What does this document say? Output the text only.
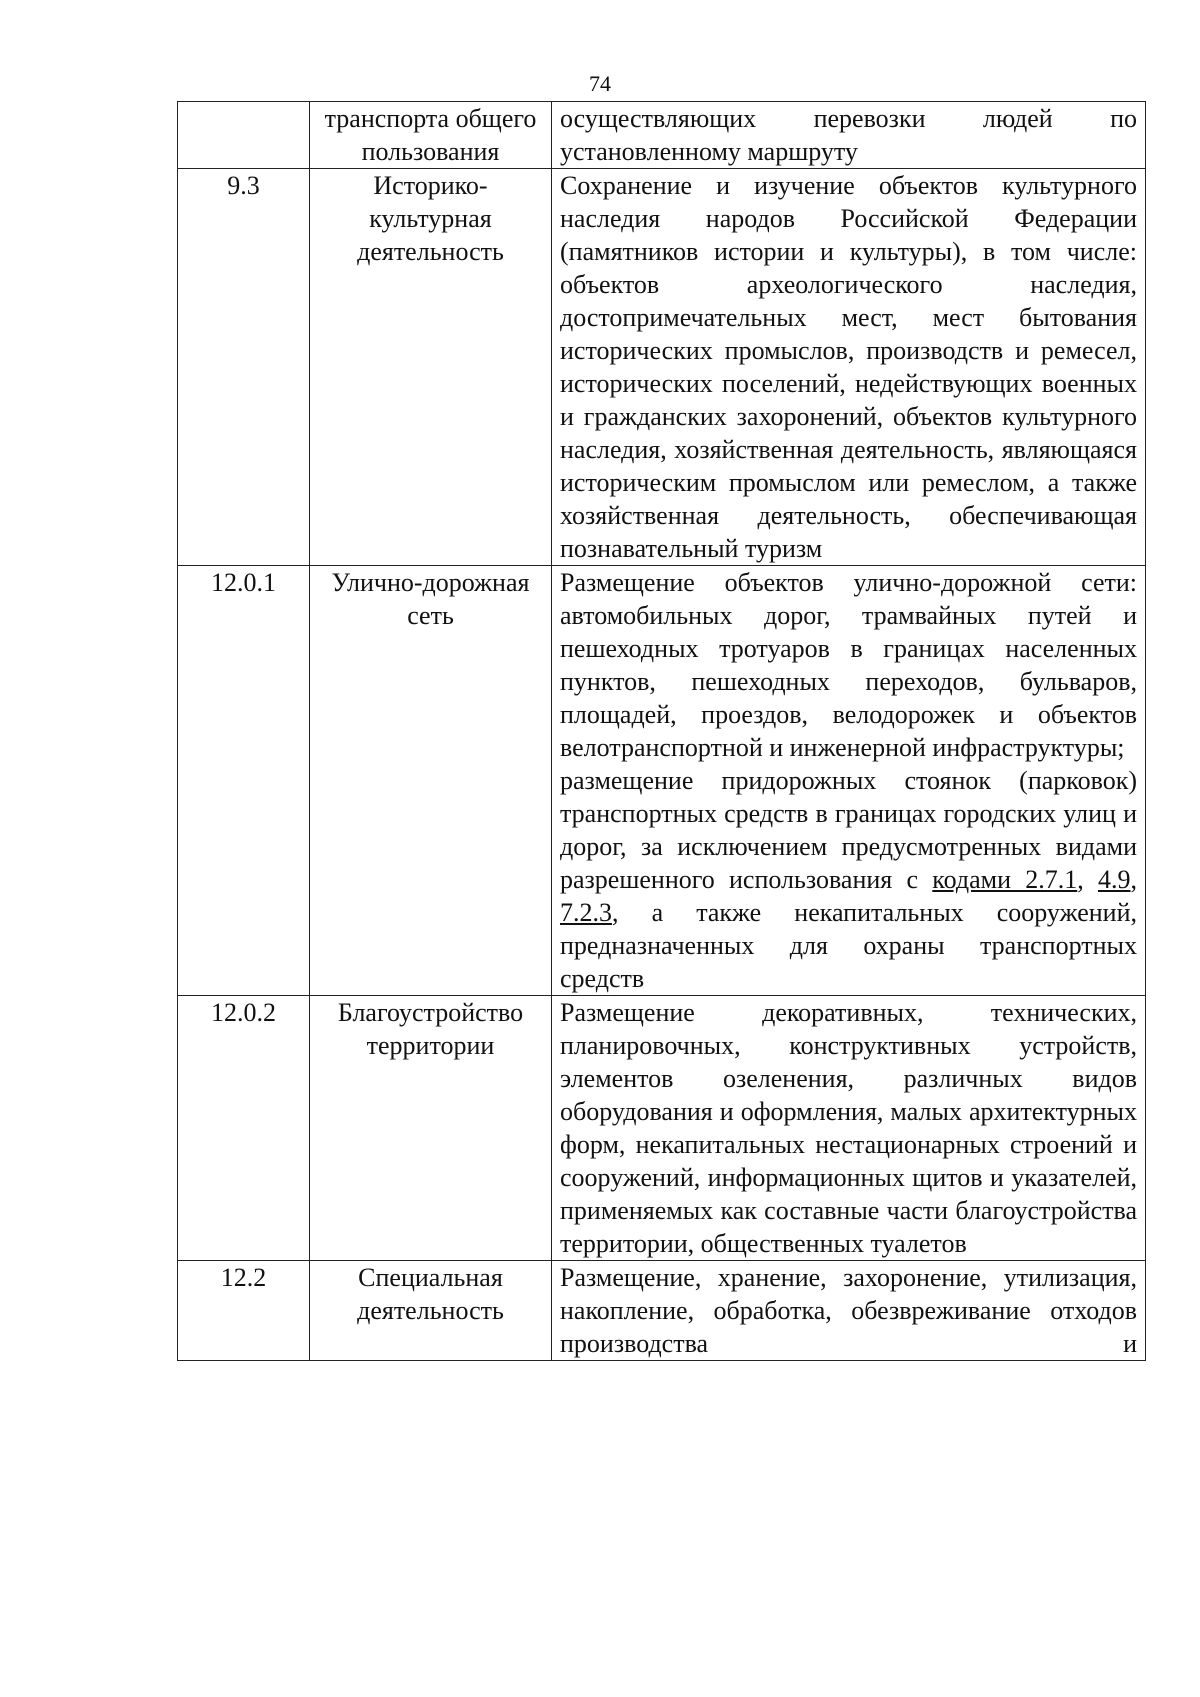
74
	транспорта общего пользования	осуществляющих перевозки людей по установленному маршруту

9.3	Историко-культурная деятельность	Сохранение и изучение объектов культурного наследия народов Российской Федерации (памятников истории и культуры), в том числе: объектов археологического наследия, достопримечательных мест, мест бытования исторических промыслов, производств и ремесел, исторических поселений, недействующих военных и гражданских захоронений, объектов культурного наследия, хозяйственная деятельность, являющаяся историческим промыслом или ремеслом, а также хозяйственная деятельность, обеспечивающая познавательный туризм

12.0.1	Улично-дорожная сеть	Размещение объектов улично-дорожной сети: автомобильных дорог, трамвайных путей и пешеходных тротуаров в границах населенных пунктов, пешеходных переходов, бульваров, площадей, проездов, велодорожек и объектов велотранспортной и инженерной инфраструктуры;
размещение придорожных стоянок (парковок) транспортных средств в границах городских улиц и дорог, за исключением предусмотренных видами разрешенного использования с кодами 2.7.1, 4.9, 7.2.3, а также некапитальных сооружений, предназначенных для охраны транспортных средств

12.0.2	Благоустройство территории	Размещение декоративных, технических, планировочных, конструктивных устройств, элементов озеленения, различных видов оборудования и оформления, малых архитектурных форм, некапитальных нестационарных строений и сооружений, информационных щитов и указателей, применяемых как составные части благоустройства территории, общественных туалетов

12.2	Специальная деятельность	Размещение, хранение, захоронение, утилизация, накопление, обработка, обезвреживание отходов производства и
